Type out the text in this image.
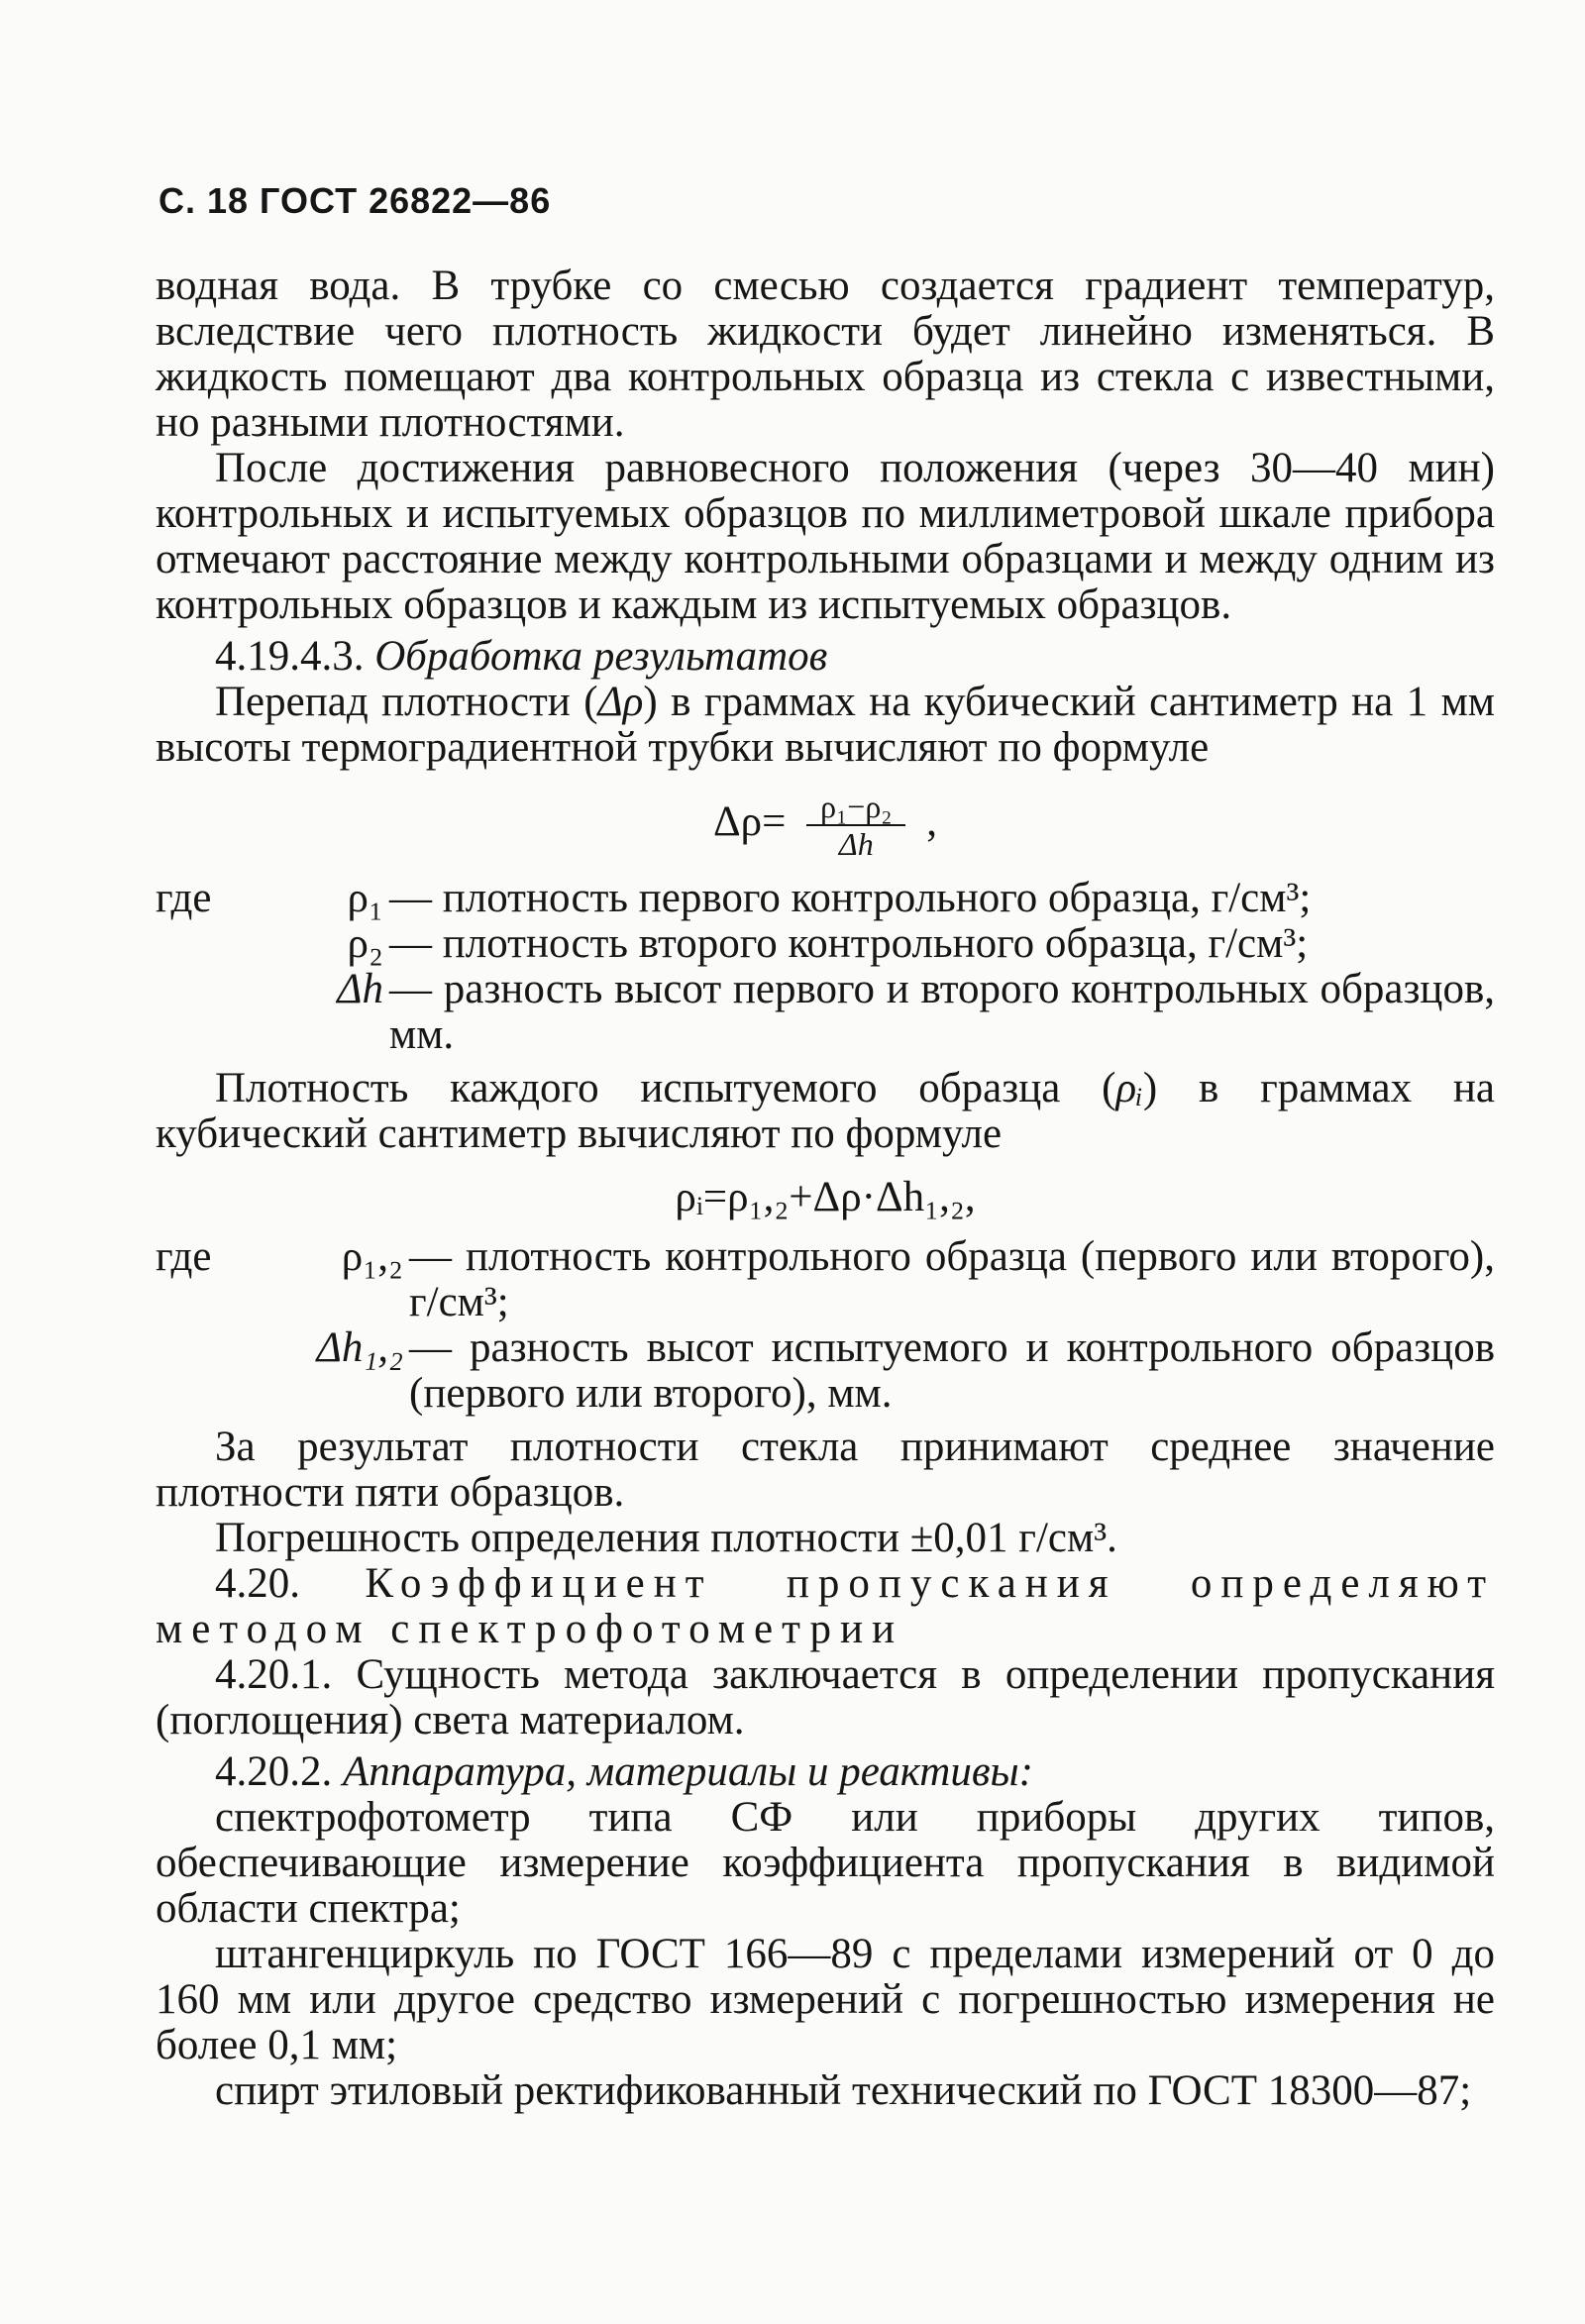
С. 18 ГОСТ 26822—86

водная вода. В трубке со смесью создается градиент температур, вследствие чего плотность жидкости будет линейно изменяться. В жидкость помещают два контрольных образца из стекла с известными, но разными плотностями.

После достижения равновесного положения (через 30—40 мин) контрольных и испытуемых образцов по миллиметровой шкале прибора отмечают расстояние между контрольными образцами и между одним из контрольных образцов и каждым из испытуемых образцов.

4.19.4.3. Обработка результатов

Перепад плотности (Δρ) в граммах на кубический сантиметр на 1 мм высоты термоградиентной трубки вычисляют по формуле

$\Delta\rho= \frac{\text{ρ₁−ρ₂}}{\Delta h}$ ,
где	ρ₁ — плотность первого контрольного образца, г/см³;
ρ₂ — плотность второго контрольного образца, г/см³;
Δh — разность высот первого и второго контрольных образцов, мм.

Плотность каждого испытуемого образца (ρᵢ) в граммах на кубический сантиметр вычисляют по формуле

ρᵢ=ρ₁,₂+Δρ·Δh₁,₂,
где	ρ₁,₂ — плотность контрольного образца (первого или второго), г/см³;
Δh₁,₂ — разность высот испытуемого и контрольного образцов (первого или второго), мм.

За результат плотности стекла принимают среднее значение плотности пяти образцов.

Погрешность определения плотности ±0,01 г/см³.

4.20. Коэффициент пропускания определяют методом спектрофотометрии

4.20.1. Сущность метода заключается в определении пропускания (поглощения) света материалом.

4.20.2. Аппаратура, материалы и реактивы:

спектрофотометр типа СФ или приборы других типов, обеспечивающие измерение коэффициента пропускания в видимой области спектра;

штангенциркуль по ГОСТ 166—89 с пределами измерений от 0 до 160 мм или другое средство измерений с погрешностью измерения не более 0,1 мм;

спирт этиловый ректификованный технический по ГОСТ 18300—87;
